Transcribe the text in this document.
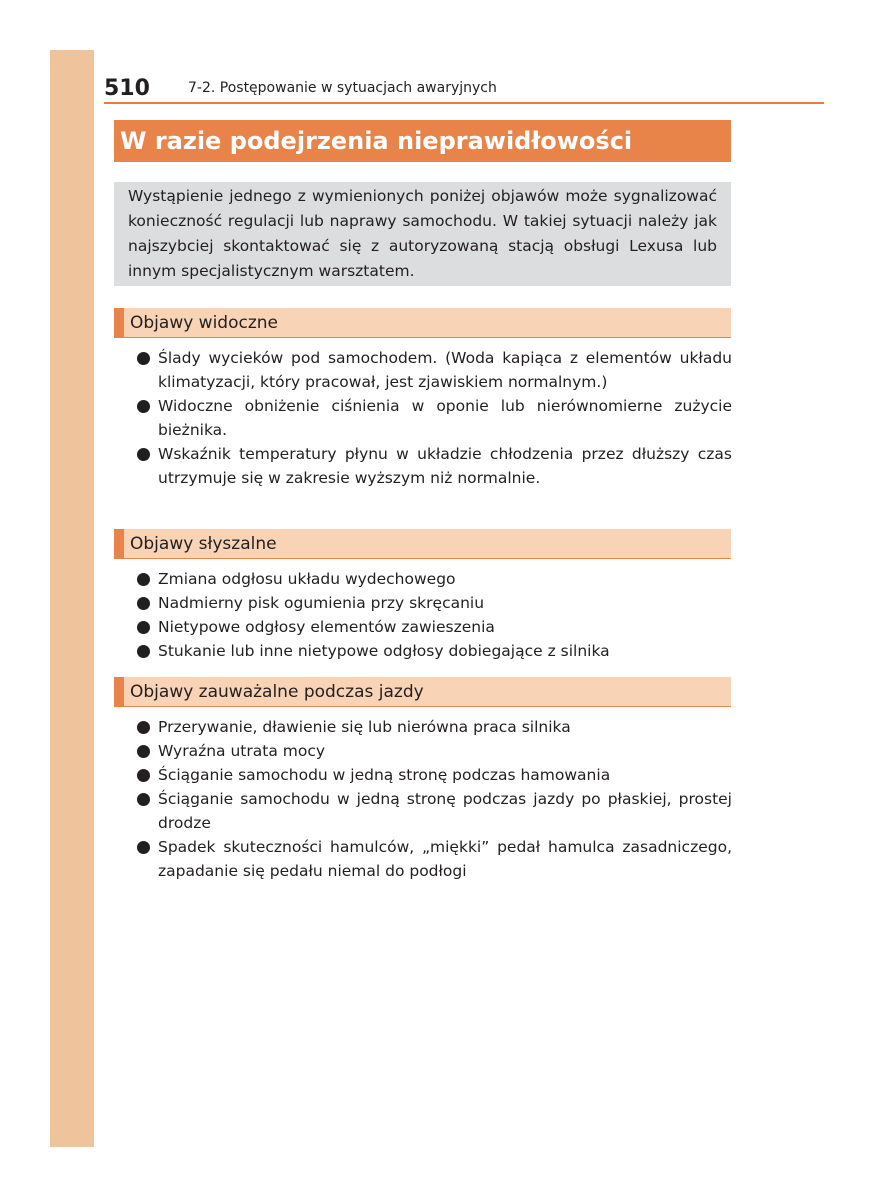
510	7-2. Postępowanie w sytuacjach awaryjnych
W razie podejrzenia nieprawidłowości
Wystąpienie jednego z wymienionych poniżej objawów może sygnalizować konieczność regulacji lub naprawy samochodu. W takiej sytuacji należy jak najszybciej skontaktować się z autoryzowaną stacją obsługi Lexusa lub innym specjalistycznym warsztatem.
Objawy widoczne
Ślady wycieków pod samochodem. (Woda kapiąca z elementów układu klimatyzacji, który pracował, jest zjawiskiem normalnym.)
Widoczne obniżenie ciśnienia w oponie lub nierównomierne zużycie bieżnika.
Wskaźnik temperatury płynu w układzie chłodzenia przez dłuższy czas utrzymuje się w zakresie wyższym niż normalnie.
Objawy słyszalne
Zmiana odgłosu układu wydechowego
Nadmierny pisk ogumienia przy skręcaniu
Nietypowe odgłosy elementów zawieszenia
Stukanie lub inne nietypowe odgłosy dobiegające z silnika
Objawy zauważalne podczas jazdy
Przerywanie, dławienie się lub nierówna praca silnika
Wyraźna utrata mocy
Ściąganie samochodu w jedną stronę podczas hamowania
Ściąganie samochodu w jedną stronę podczas jazdy po płaskiej, prostej drodze
Spadek skuteczności hamulców, „miękki” pedał hamulca zasadniczego, zapadanie się pedału niemal do podłogi
